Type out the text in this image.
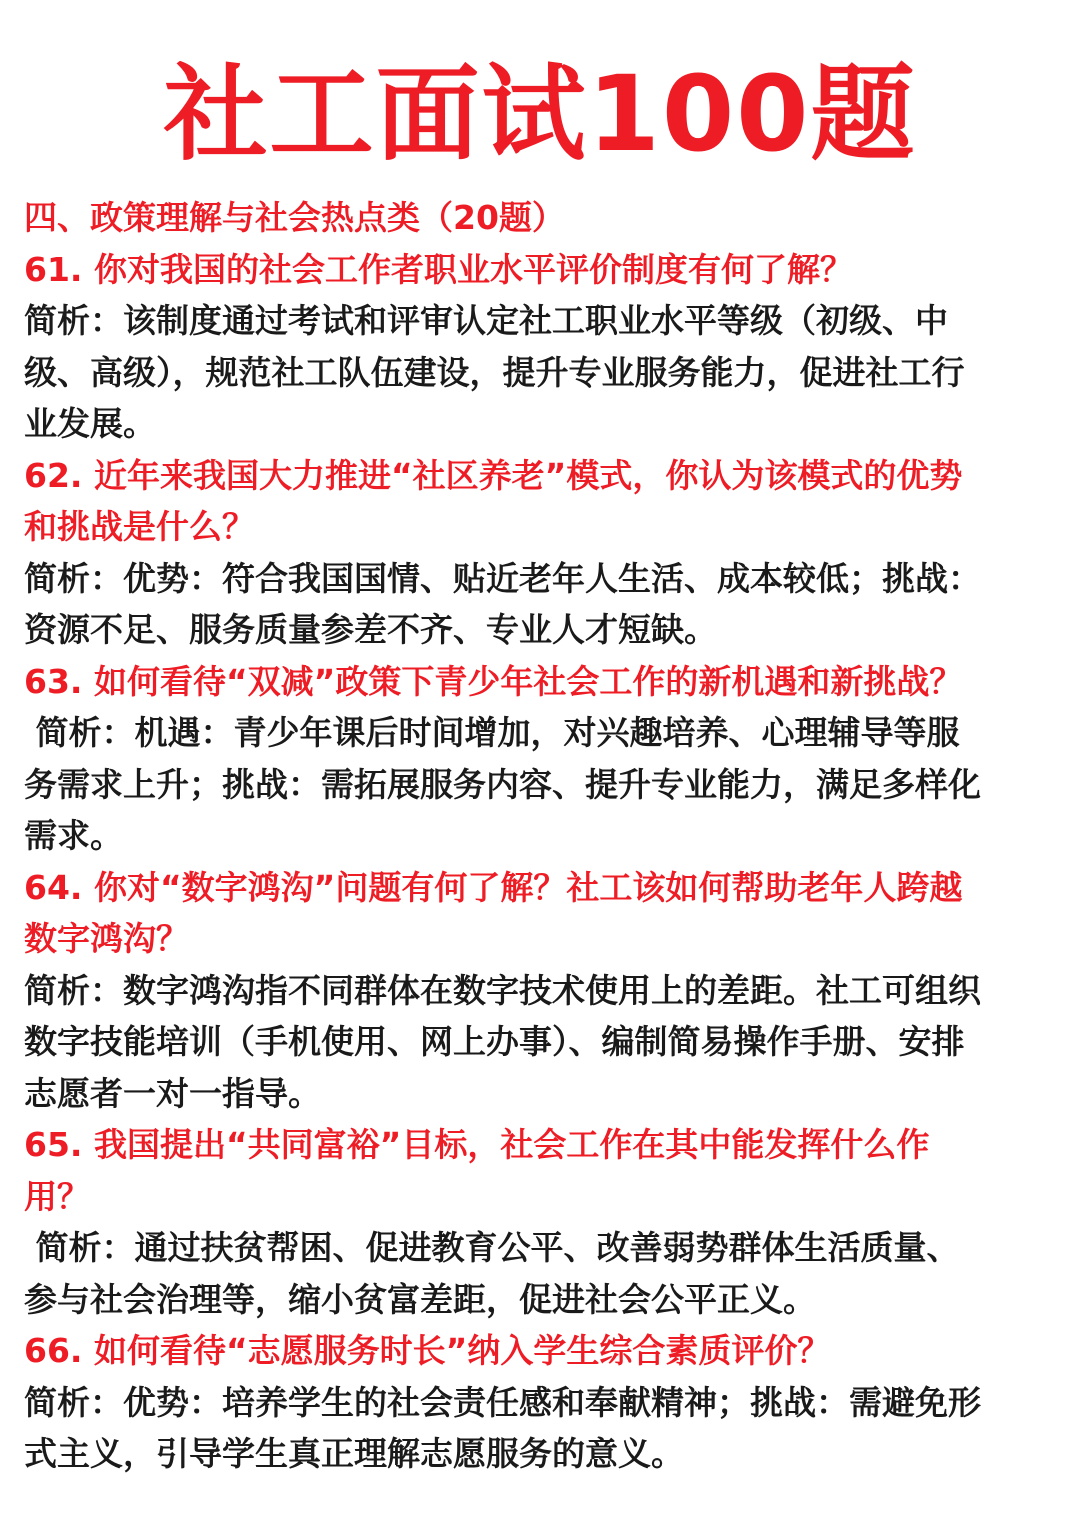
社工面试100题
四、政策理解与社会热点类（20题）
61. 你对我国的社会工作者职业水平评价制度有何了解？
简析：该制度通过考试和评审认定社工职业水平等级（初级、中
级、高级），规范社工队伍建设，提升专业服务能力，促进社工行
业发展。
62. 近年来我国大力推进“社区养老”模式，你认为该模式的优势
和挑战是什么？
简析：优势：符合我国国情、贴近老年人生活、成本较低；挑战：
资源不足、服务质量参差不齐、专业人才短缺。
63. 如何看待“双减”政策下青少年社会工作的新机遇和新挑战？
简析：机遇：青少年课后时间增加，对兴趣培养、心理辅导等服
务需求上升；挑战：需拓展服务内容、提升专业能力，满足多样化
需求。
64. 你对“数字鸿沟”问题有何了解？社工该如何帮助老年人跨越
数字鸿沟？
简析：数字鸿沟指不同群体在数字技术使用上的差距。社工可组织
数字技能培训（手机使用、网上办事）、编制简易操作手册、安排
志愿者一对一指导。
65. 我国提出“共同富裕”目标，社会工作在其中能发挥什么作
用？
简析：通过扶贫帮困、促进教育公平、改善弱势群体生活质量、
参与社会治理等，缩小贫富差距，促进社会公平正义。
66. 如何看待“志愿服务时长”纳入学生综合素质评价？
简析：优势：培养学生的社会责任感和奉献精神；挑战：需避免形
式主义，引导学生真正理解志愿服务的意义。
